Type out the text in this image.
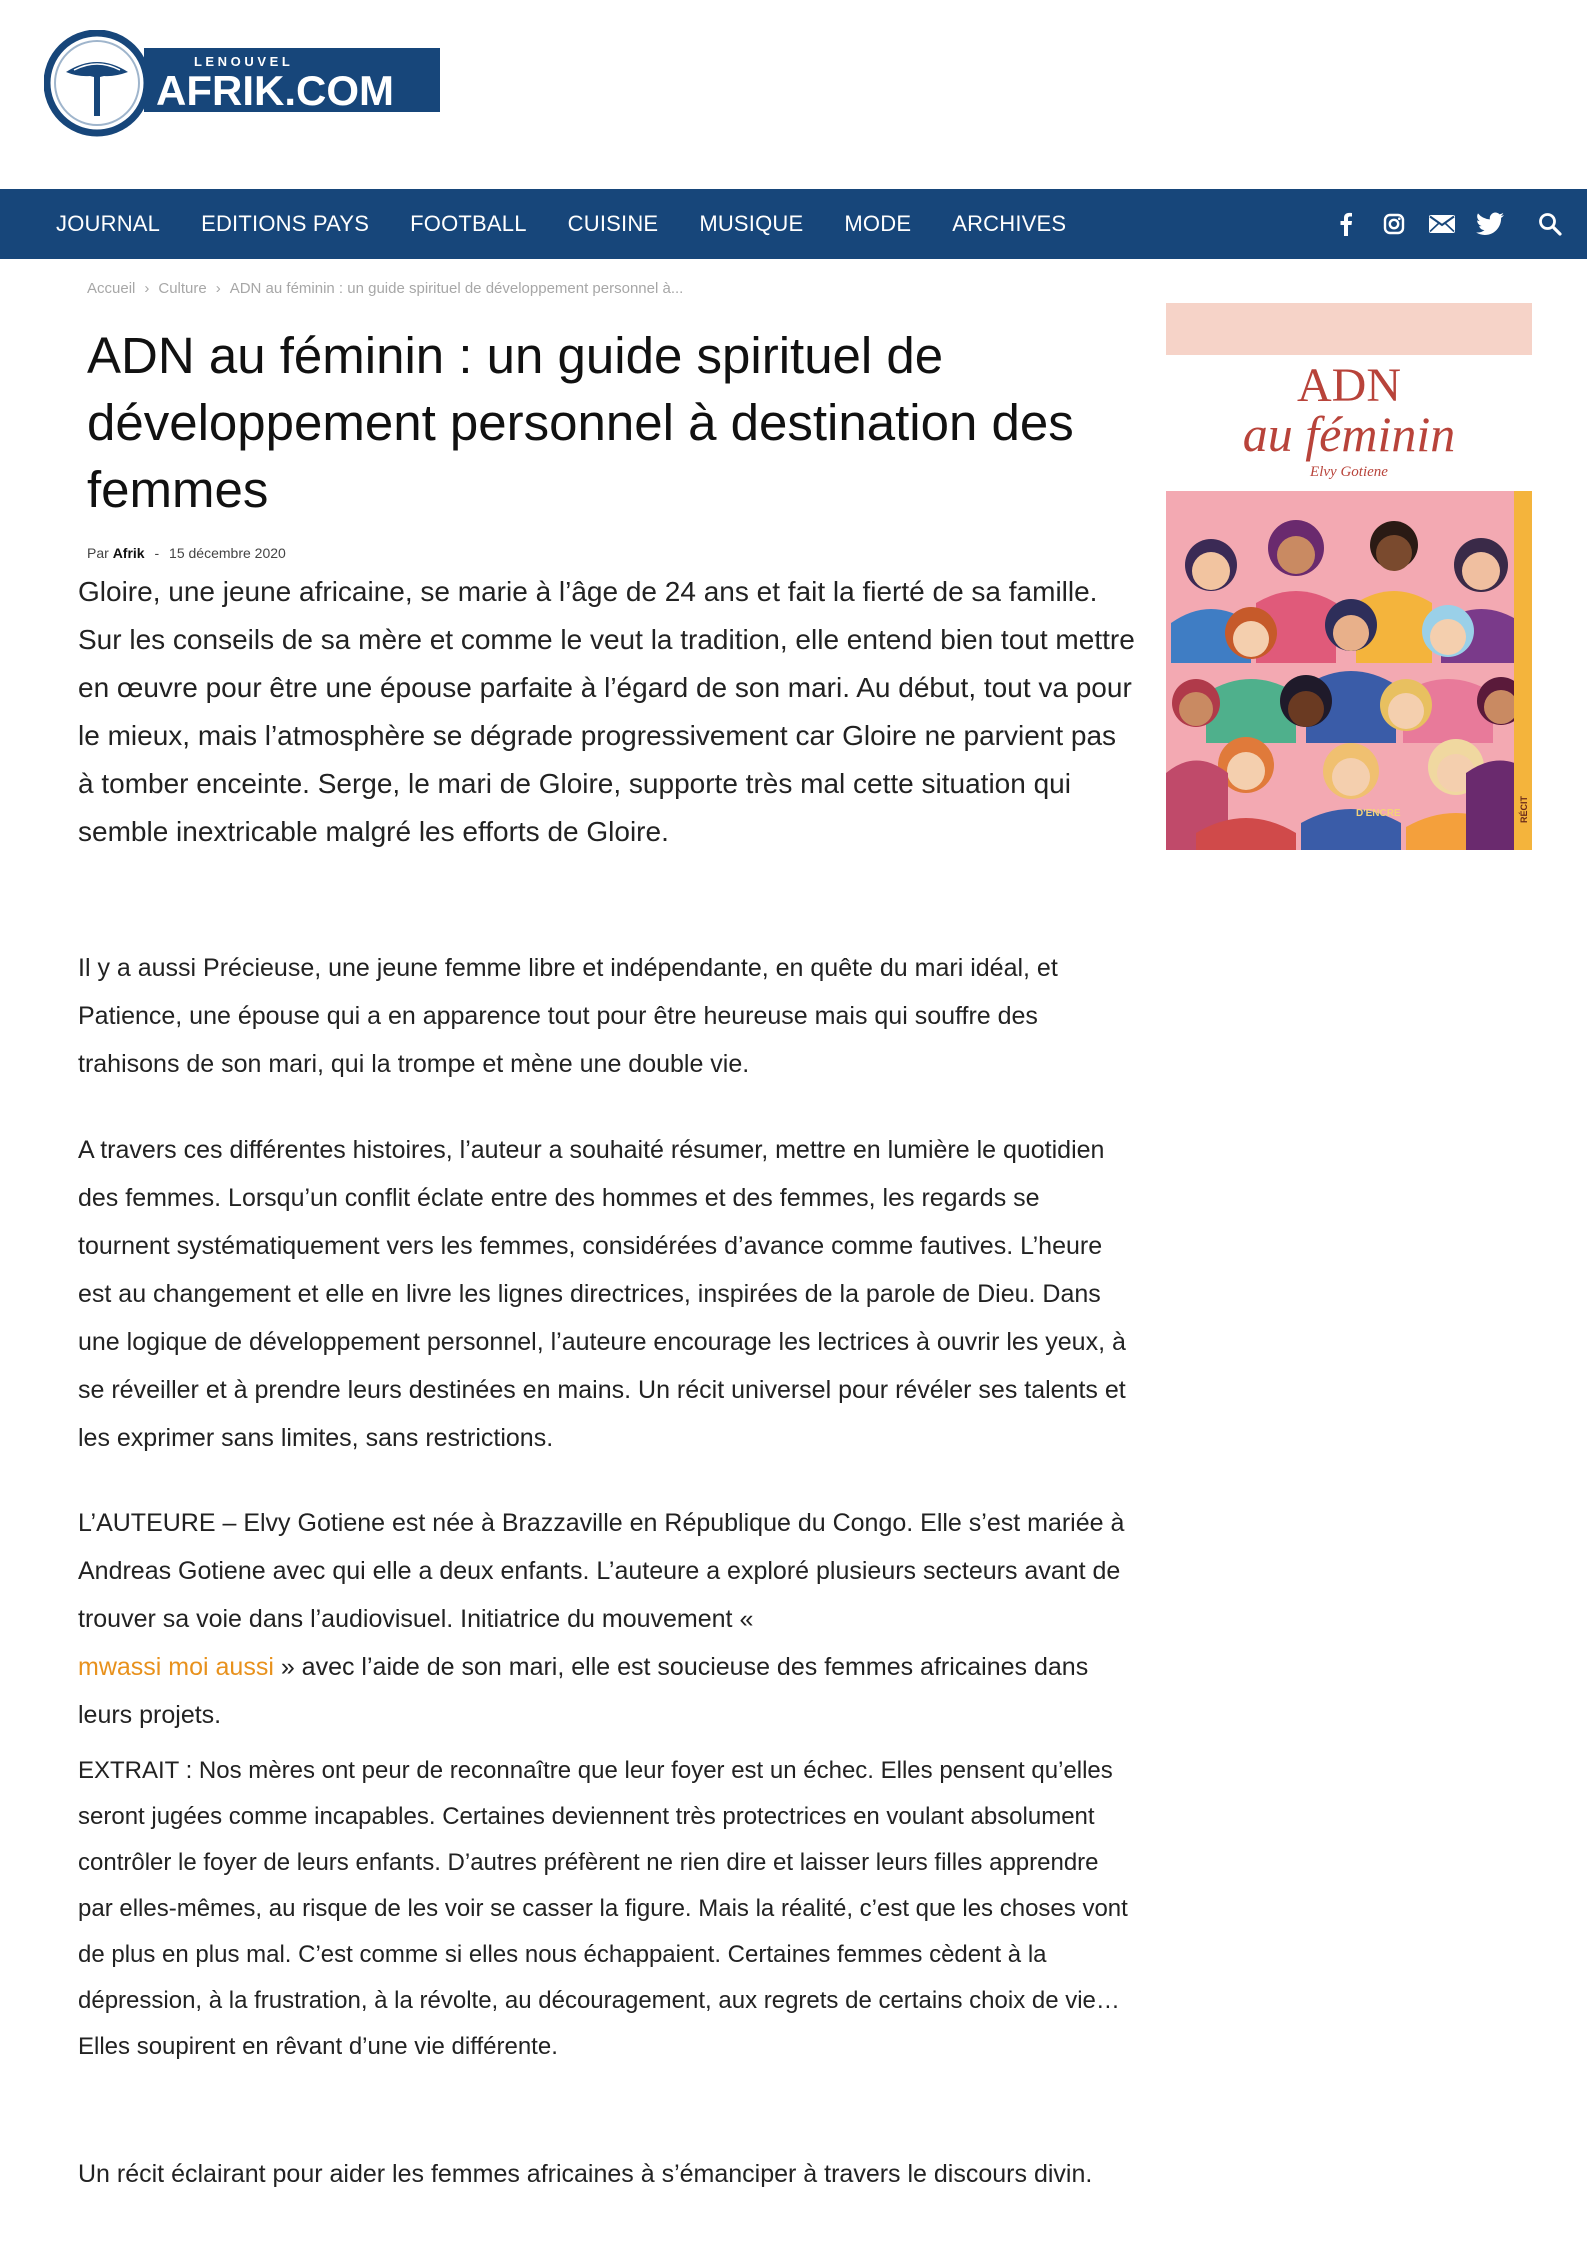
L E N O U V E L
AFRIK.COM
JOURNAL EDITIONS PAYS FOOTBALL CUISINE MUSIQUE MODE ARCHIVES
Accueil › Culture › ADN au féminin : un guide spirituel de développement personnel à...
ADN au féminin : un guide spirituel de développement personnel à destination des femmes
Par Afrik - 15 décembre 2020

Gloire, une jeune africaine, se marie à l’âge de 24 ans et fait la fierté de sa famille. Sur les conseils de sa mère et comme le veut la tradition, elle entend bien tout mettre en œuvre pour être une épouse parfaite à l’égard de son mari. Au début, tout va pour le mieux, mais l’atmosphère se dégrade progressivement car Gloire ne parvient pas à tomber enceinte. Serge, le mari de Gloire, supporte très mal cette situation qui semble inextricable malgré les efforts de Gloire.

Il y a aussi Précieuse, une jeune femme libre et indépendante, en quête du mari idéal, et Patience, une épouse qui a en apparence tout pour être heureuse mais qui souffre des trahisons de son mari, qui la trompe et mène une double vie.

A travers ces différentes histoires, l’auteur a souhaité résumer, mettre en lumière le quotidien des femmes. Lorsqu’un conflit éclate entre des hommes et des femmes, les regards se tournent systématiquement vers les femmes, considérées d’avance comme fautives. L’heure est au changement et elle en livre les lignes directrices, inspirées de la parole de Dieu. Dans une logique de développement personnel, l’auteure encourage les lectrices à ouvrir les yeux, à se réveiller et à prendre leurs destinées en mains. Un récit universel pour révéler ses talents et les exprimer sans limites, sans restrictions.

L’AUTEURE – Elvy Gotiene est née à Brazzaville en République du Congo. Elle s’est mariée à Andreas Gotiene avec qui elle a deux enfants. L’auteure a exploré plusieurs secteurs avant de trouver sa voie dans l’audiovisuel. Initiatrice du mouvement «
mwassi moi aussi » avec l’aide de son mari, elle est soucieuse des femmes africaines dans leurs projets.

EXTRAIT : Nos mères ont peur de reconnaître que leur foyer est un échec. Elles pensent qu’elles seront jugées comme incapables. Certaines deviennent très protectrices en voulant absolument contrôler le foyer de leurs enfants. D’autres préfèrent ne rien dire et laisser leurs filles apprendre par elles-mêmes, au risque de les voir se casser la figure. Mais la réalité, c’est que les choses vont de plus en plus mal. C’est comme si elles nous échappaient. Certaines femmes cèdent à la dépression, à la frustration, à la révolte, au découragement, aux regrets de certains choix de vie… Elles soupirent en rêvant d’une vie différente.

Un récit éclairant pour aider les femmes africaines à s’émanciper à travers le discours divin.

ADN
au féminin
Elvy Gotiene
D'ENCRE	RÉCIT
